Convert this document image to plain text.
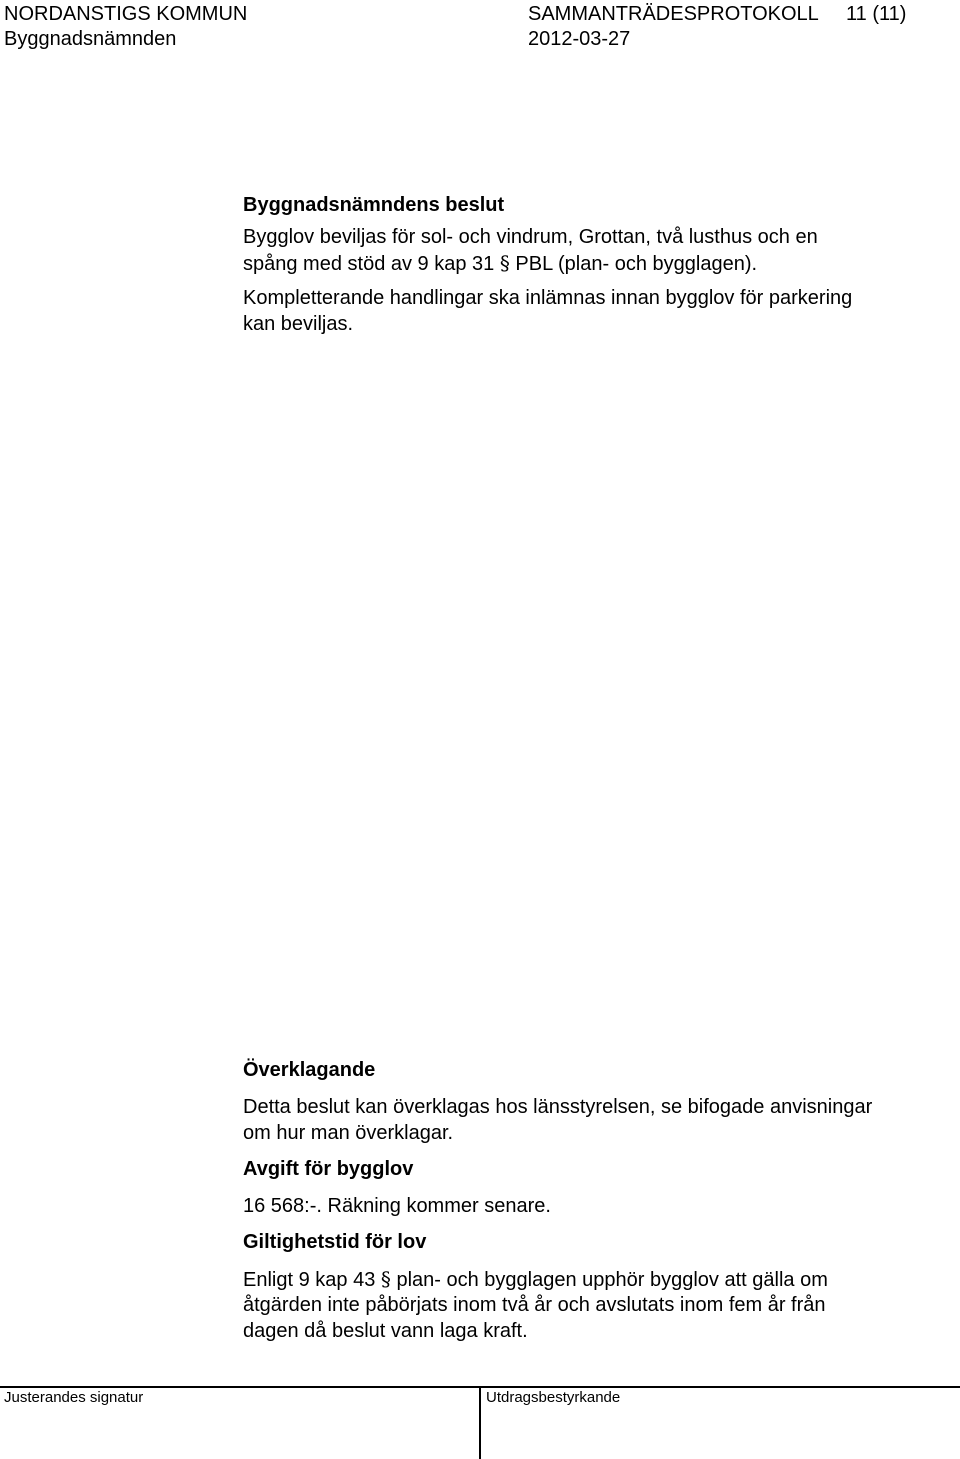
NORDANSTIGS KOMMUN
Byggnadsnämnden
SAMMANTRÄDESPROTOKOLL 11 (11)
2012-03-27
Byggnadsnämndens beslut
Bygglov beviljas för sol- och vindrum, Grottan, två lusthus och en
spång med stöd av 9 kap 31 § PBL (plan- och bygglagen).
Kompletterande handlingar ska inlämnas innan bygglov för parkering
kan beviljas.
Överklagande
Detta beslut kan överklagas hos länsstyrelsen, se bifogade anvisningar
om hur man överklagar.
Avgift för bygglov
16 568:-. Räkning kommer senare.
Giltighetstid för lov
Enligt 9 kap 43 § plan- och bygglagen upphör bygglov att gälla om
åtgärden inte påbörjats inom två år och avslutats inom fem år från
dagen då beslut vann laga kraft.
Justerandes signatur	Utdragsbestyrkande
